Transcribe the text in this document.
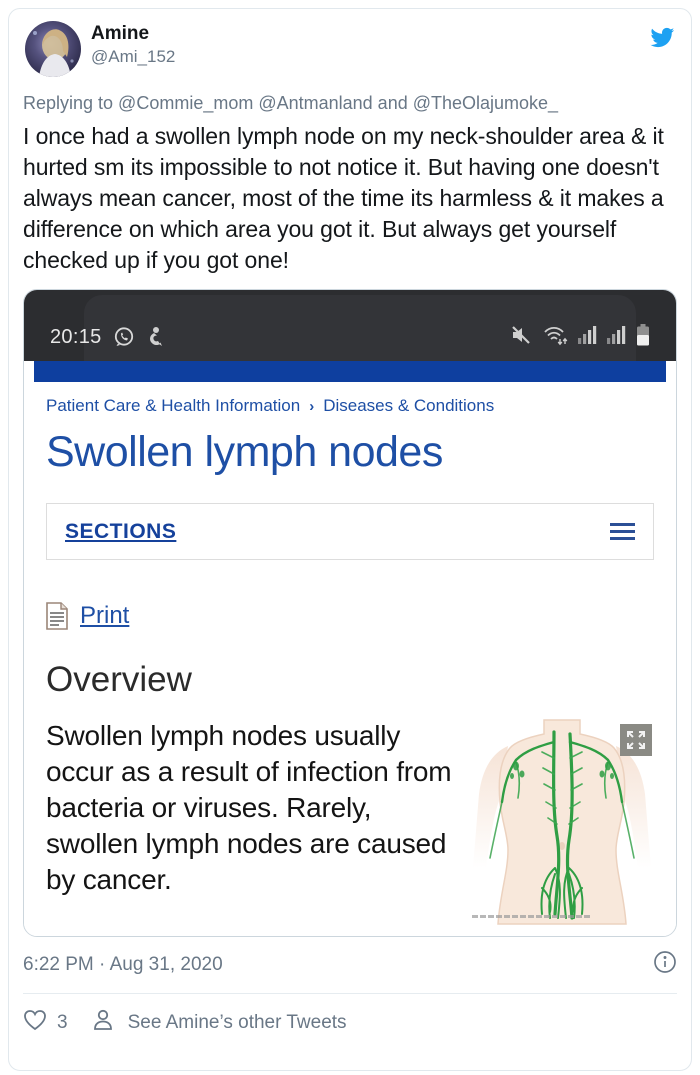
Amine
@Ami_152
Replying to @Commie_mom @Antmanland and @TheOlajumoke_
I once had a swollen lymph node on my neck-shoulder area & it hurted sm its impossible to not notice it. But having one doesn't always mean cancer, most of the time its harmless & it makes a difference on which area you got it. But always get yourself checked up if you got one!
20:15
Patient Care & Health Information › Diseases & Conditions
Swollen lymph nodes
SECTIONS
Print
Overview
Swollen lymph nodes usually occur as a result of infection from bacteria or viruses. Rarely, swollen lymph nodes are caused by cancer.
6:22 PM · Aug 31, 2020
3	See Amine’s other Tweets
